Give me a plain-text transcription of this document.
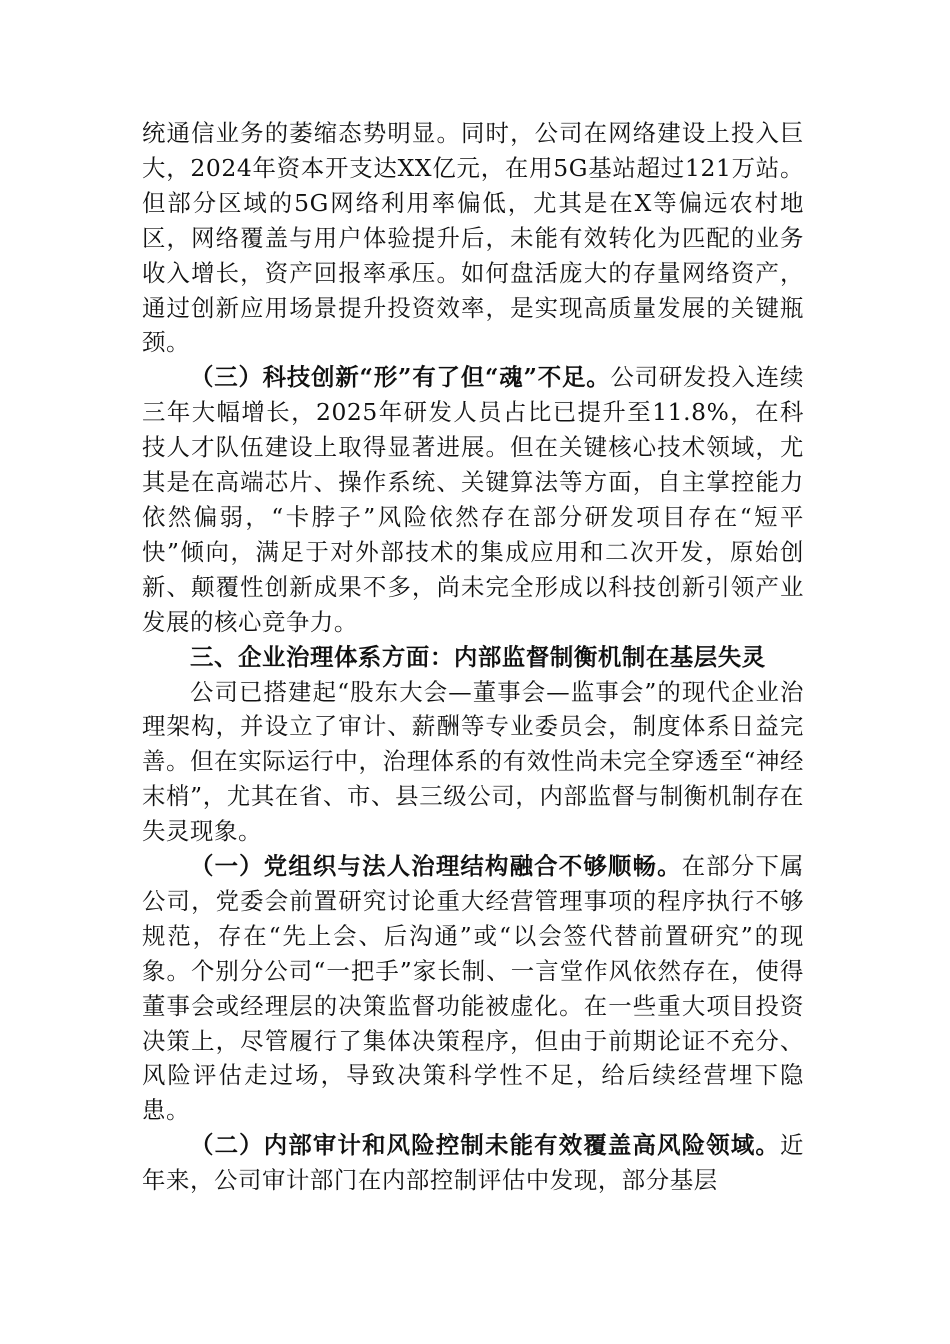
统通信业务的萎缩态势明显。同时，公司在网络建设上投入巨大，2024年资本开支达XX亿元，在用5G基站超过121万站。但部分区域的5G网络利用率偏低，尤其是在X等偏远农村地区，网络覆盖与用户体验提升后，未能有效转化为匹配的业务收入增长，资产回报率承压。如何盘活庞大的存量网络资产，通过创新应用场景提升投资效率，是实现高质量发展的关键瓶颈。

（三）科技创新“形”有了但“魂”不足。公司研发投入连续三年大幅增长，2025年研发人员占比已提升至11.8%，在科技人才队伍建设上取得显著进展。但在关键核心技术领域，尤其是在高端芯片、操作系统、关键算法等方面，自主掌控能力依然偏弱，“卡脖子”风险依然存在部分研发项目存在“短平快”倾向，满足于对外部技术的集成应用和二次开发，原始创新、颠覆性创新成果不多，尚未完全形成以科技创新引领产业发展的核心竞争力。

三、企业治理体系方面：内部监督制衡机制在基层失灵

公司已搭建起“股东大会—董事会—监事会”的现代企业治理架构，并设立了审计、薪酬等专业委员会，制度体系日益完善。但在实际运行中，治理体系的有效性尚未完全穿透至“神经末梢”，尤其在省、市、县三级公司，内部监督与制衡机制存在失灵现象。

（一）党组织与法人治理结构融合不够顺畅。在部分下属公司，党委会前置研究讨论重大经营管理事项的程序执行不够规范，存在“先上会、后沟通”或“以会签代替前置研究”的现象。个别分公司“一把手”家长制、一言堂作风依然存在，使得董事会或经理层的决策监督功能被虚化。在一些重大项目投资决策上，尽管履行了集体决策程序，但由于前期论证不充分、风险评估走过场，导致决策科学性不足，给后续经营埋下隐患。

（二）内部审计和风险控制未能有效覆盖高风险领域。近年来，公司审计部门在内部控制评估中发现，部分基层
